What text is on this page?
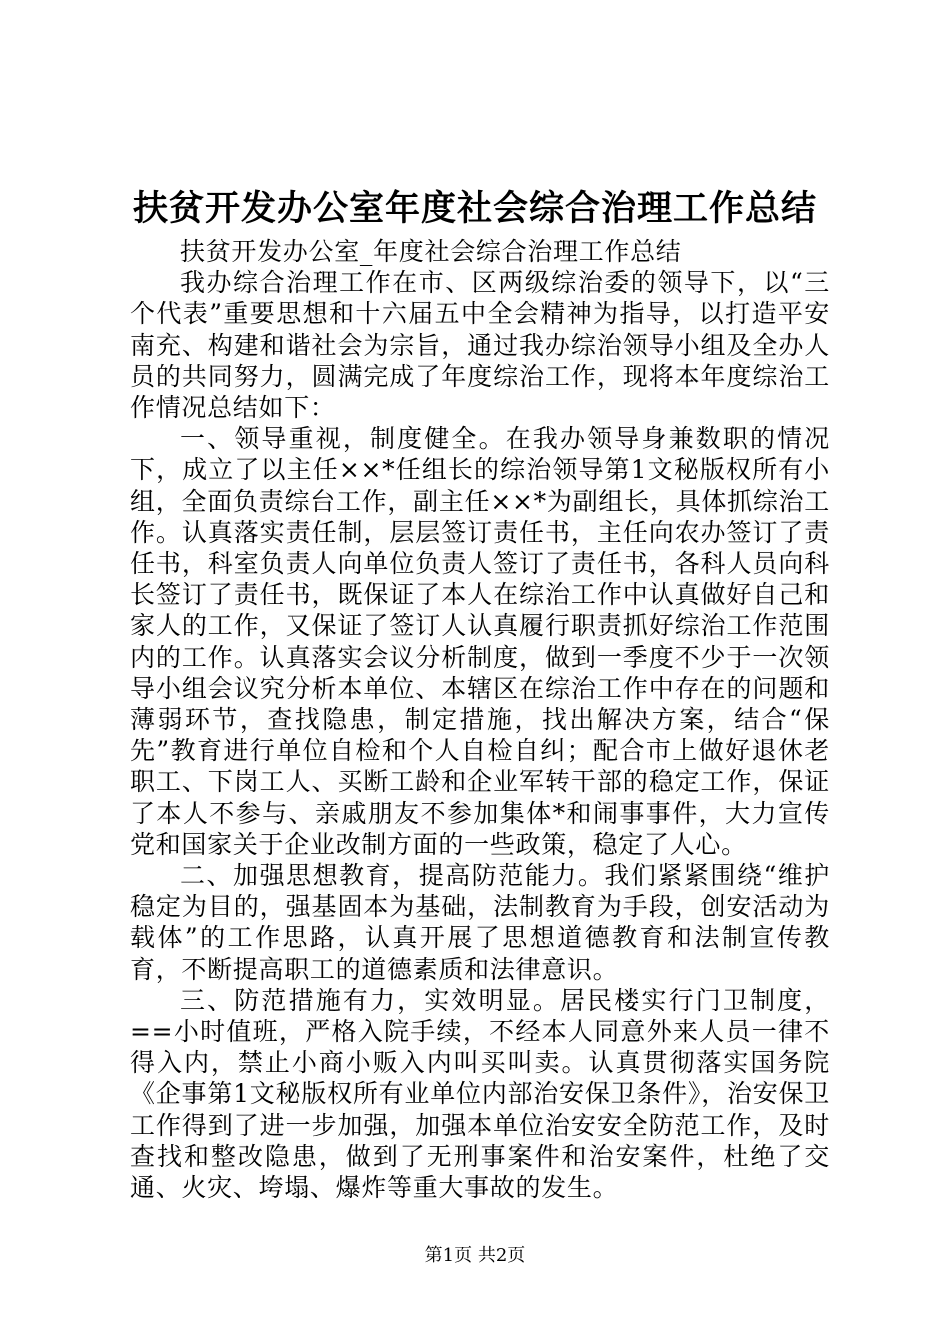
扶贫开发办公室年度社会综合治理工作总结

扶贫开发办公室_年度社会综合治理工作总结

我办综合治理工作在市、区两级综治委的领导下，以“三个代表”重要思想和十六届五中全会精神为指导，以打造平安南充、构建和谐社会为宗旨，通过我办综治领导小组及全办人员的共同努力，圆满完成了年度综治工作，现将本年度综治工作情况总结如下：

一、领导重视，制度健全。在我办领导身兼数职的情况下，成立了以主任××*任组长的综治领导第1文秘版权所有小组，全面负责综台工作，副主任××*为副组长，具体抓综治工作。认真落实责任制，层层签订责任书，主任向农办签订了责任书，科室负责人向单位负责人签订了责任书，各科人员向科长签订了责任书，既保证了本人在综治工作中认真做好自己和家人的工作，又保证了签订人认真履行职责抓好综治工作范围内的工作。认真落实会议分析制度，做到一季度不少于一次领导小组会议究分析本单位、本辖区在综治工作中存在的问题和薄弱环节，查找隐患，制定措施，找出解决方案，结合“保先”教育进行单位自检和个人自检自纠；配合市上做好退休老职工、下岗工人、买断工龄和企业军转干部的稳定工作，保证了本人不参与、亲戚朋友不参加集体*和闹事事件，大力宣传党和国家关于企业改制方面的一些政策，稳定了人心。

二、加强思想教育，提高防范能力。我们紧紧围绕“维护稳定为目的，强基固本为基础，法制教育为手段，创安活动为载体”的工作思路，认真开展了思想道德教育和法制宣传教育，不断提高职工的道德素质和法律意识。

三、防范措施有力，实效明显。居民楼实行门卫制度，==小时值班，严格入院手续，不经本人同意外来人员一律不得入内，禁止小商小贩入内叫买叫卖。认真贯彻落实国务院《企事第1文秘版权所有业单位内部治安保卫条件》，治安保卫工作得到了进一步加强，加强本单位治安安全防范工作，及时查找和整改隐患，做到了无刑事案件和治安案件，杜绝了交通、火灾、垮塌、爆炸等重大事故的发生。

第1页 共2页
